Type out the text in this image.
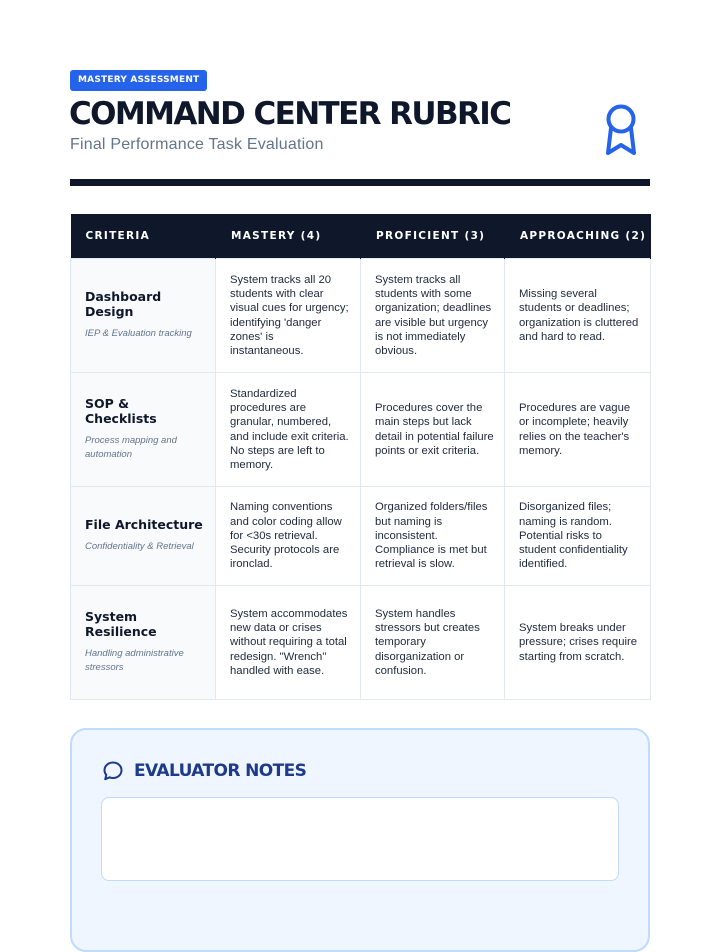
MASTERY ASSESSMENT
COMMAND CENTER RUBRIC
Final Performance Task Evaluation
CRITERIA	MASTERY (4)	PROFICIENT (3)	APPROACHING (2)

Dashboard Design
IEP & Evaluation tracking	System tracks all 20 students with clear visual cues for urgency; identifying 'danger zones' is instantaneous.	System tracks all students with some organization; deadlines are visible but urgency is not immediately obvious.	Missing several students or deadlines; organization is cluttered and hard to read.

SOP & Checklists
Process mapping and automation	Standardized procedures are granular, numbered, and include exit criteria. No steps are left to memory.	Procedures cover the main steps but lack detail in potential failure points or exit criteria.	Procedures are vague or incomplete; heavily relies on the teacher's memory.

File Architecture
Confidentiality & Retrieval	Naming conventions and color coding allow for <30s retrieval. Security protocols are ironclad.	Organized folders/files but naming is inconsistent. Compliance is met but retrieval is slow.	Disorganized files; naming is random. Potential risks to student confidentiality identified.

System Resilience
Handling administrative stressors	System accommodates new data or crises without requiring a total redesign. "Wrench" handled with ease.	System handles stressors but creates temporary disorganization or confusion.	System breaks under pressure; crises require starting from scratch.
EVALUATOR NOTES
